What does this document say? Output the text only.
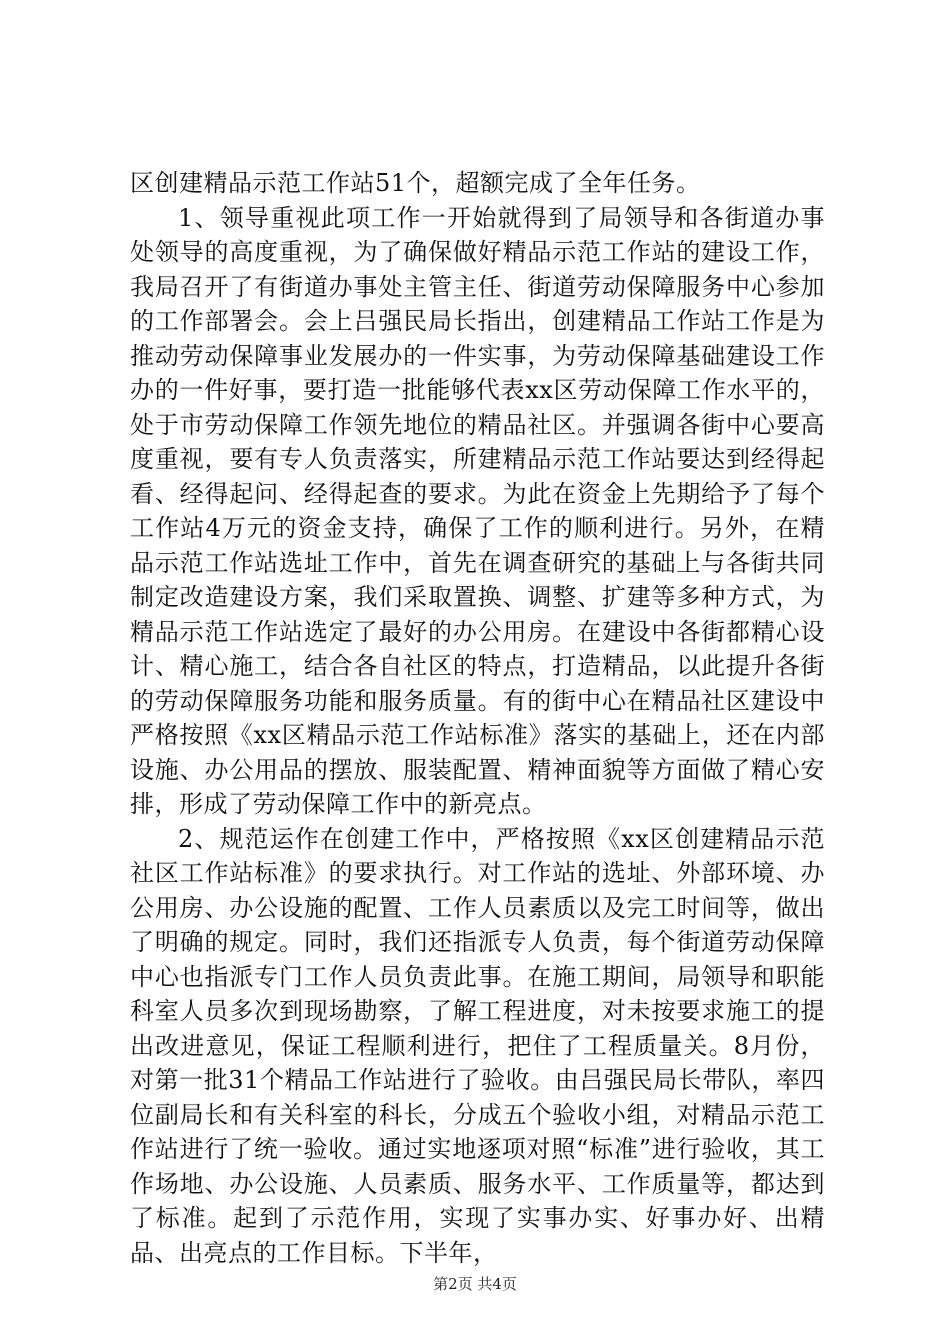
区创建精品示范工作站51个，超额完成了全年任务。

1、领导重视此项工作一开始就得到了局领导和各街道办事处领导的高度重视，为了确保做好精品示范工作站的建设工作，我局召开了有街道办事处主管主任、街道劳动保障服务中心参加的工作部署会。会上吕强民局长指出，创建精品工作站工作是为推动劳动保障事业发展办的一件实事，为劳动保障基础建设工作办的一件好事，要打造一批能够代表xx区劳动保障工作水平的，处于市劳动保障工作领先地位的精品社区。并强调各街中心要高度重视，要有专人负责落实，所建精品示范工作站要达到经得起看、经得起问、经得起查的要求。为此在资金上先期给予了每个工作站4万元的资金支持，确保了工作的顺利进行。另外，在精品示范工作站选址工作中，首先在调查研究的基础上与各街共同制定改造建设方案，我们采取置换、调整、扩建等多种方式，为精品示范工作站选定了最好的办公用房。在建设中各街都精心设计、精心施工，结合各自社区的特点，打造精品，以此提升各街的劳动保障服务功能和服务质量。有的街中心在精品社区建设中严格按照《xx区精品示范工作站标准》落实的基础上，还在内部设施、办公用品的摆放、服装配置、精神面貌等方面做了精心安排，形成了劳动保障工作中的新亮点。

2、规范运作在创建工作中，严格按照《xx区创建精品示范社区工作站标准》的要求执行。对工作站的选址、外部环境、办公用房、办公设施的配置、工作人员素质以及完工时间等，做出了明确的规定。同时，我们还指派专人负责，每个街道劳动保障中心也指派专门工作人员负责此事。在施工期间，局领导和职能科室人员多次到现场勘察，了解工程进度，对未按要求施工的提出改进意见，保证工程顺利进行，把住了工程质量关。8月份，对第一批31个精品工作站进行了验收。由吕强民局长带队，率四位副局长和有关科室的科长，分成五个验收小组，对精品示范工作站进行了统一验收。通过实地逐项对照“标准”进行验收，其工作场地、办公设施、人员素质、服务水平、工作质量等，都达到了标准。起到了示范作用，实现了实事办实、好事办好、出精品、出亮点的工作目标。下半年，

第2页 共4页
